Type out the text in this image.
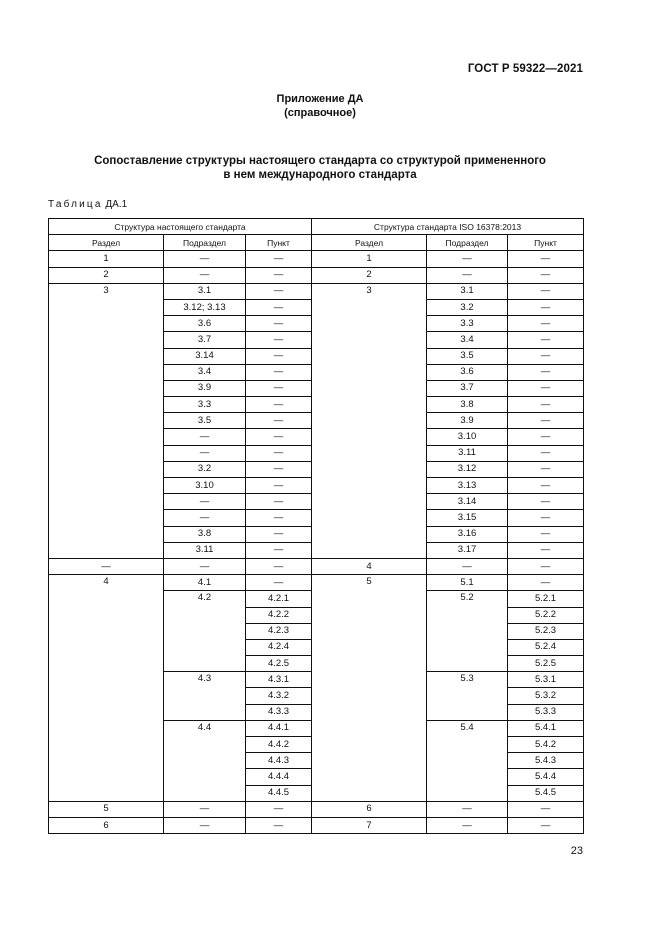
ГОСТ Р 59322—2021
Приложение ДА
(справочное)
Сопоставление структуры настоящего стандарта со структурой примененного
в нем международного стандарта
Таблица ДА.1
Структура настоящего стандарта			Структура стандарта ISO 16378:2013		
Раздел	Подраздел	Пункт	Раздел	Подраздел	Пункт
1	—	—	1	—	—
2	—	—	2	—	—
3	3.1	—	3	3.1	—
	3.12; 3.13	—		3.2	—
	3.6	—		3.3	—
	3.7	—		3.4	—
	3.14	—		3.5	—
	3.4	—		3.6	—
	3.9	—		3.7	—
	3.3	—		3.8	—
	3.5	—		3.9	—
	—	—		3.10	—
	—	—		3.11	—
	3.2	—		3.12	—
	3.10	—		3.13	—
	—	—		3.14	—
	—	—		3.15	—
	3.8	—		3.16	—
	3.11	—		3.17	—
—	—	—	4	—	—
4	4.1	—	5	5.1	—
	4.2	4.2.1		5.2	5.2.1
		4.2.2			5.2.2
		4.2.3			5.2.3
		4.2.4			5.2.4
		4.2.5			5.2.5
	4.3	4.3.1		5.3	5.3.1
		4.3.2			5.3.2
		4.3.3			5.3.3
	4.4	4.4.1		5.4	5.4.1
		4.4.2			5.4.2
		4.4.3			5.4.3
		4.4.4			5.4.4
		4.4.5			5.4.5
5	—	—	6	—	—
6	—	—	7	—	—
23
